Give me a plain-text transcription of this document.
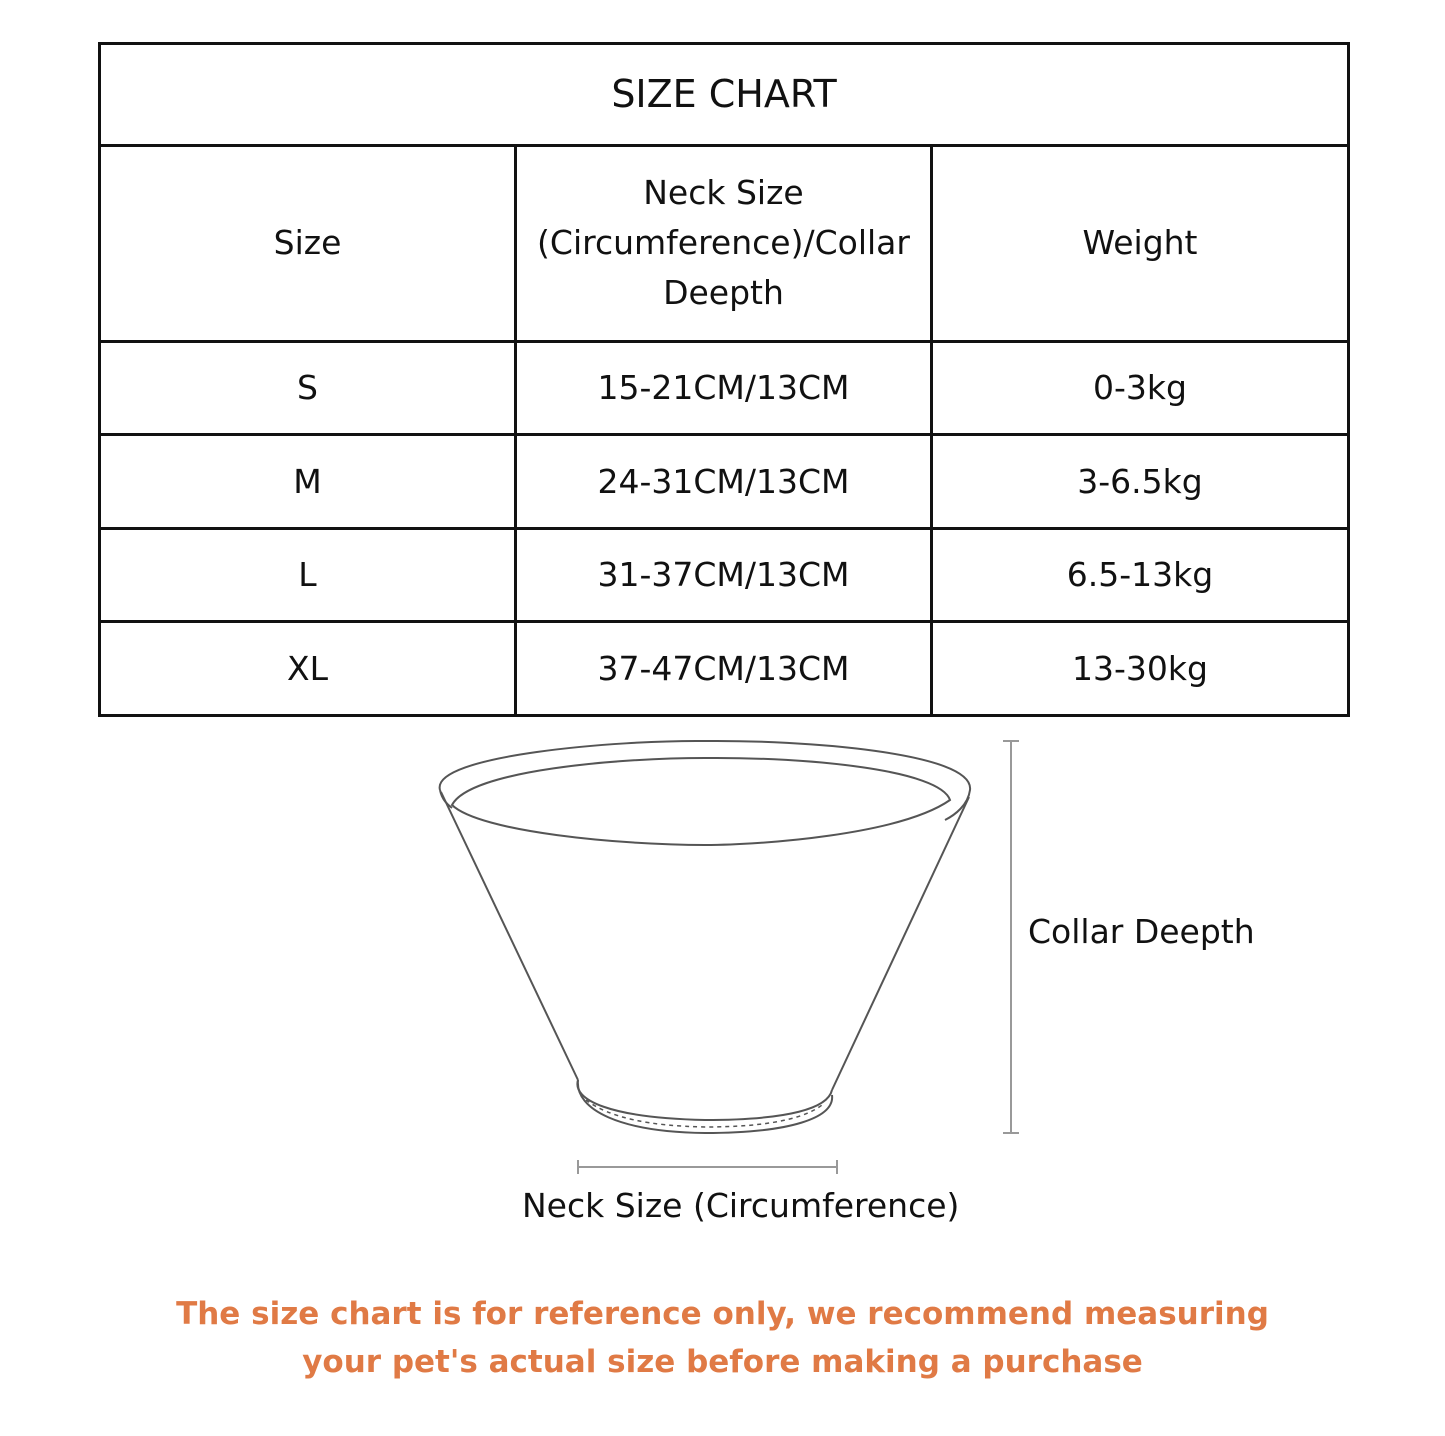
SIZE CHART		
Size	Neck Size (Circumference)/Collar Deepth	Weight
S	15-21CM/13CM	0-3kg
M	24-31CM/13CM	3-6.5kg
L	31-37CM/13CM	6.5-13kg
XL	37-47CM/13CM	13-30kg
Collar Deepth
Neck Size (Circumference)
The size chart is for reference only, we recommend measuring
your pet's actual size before making a purchase
